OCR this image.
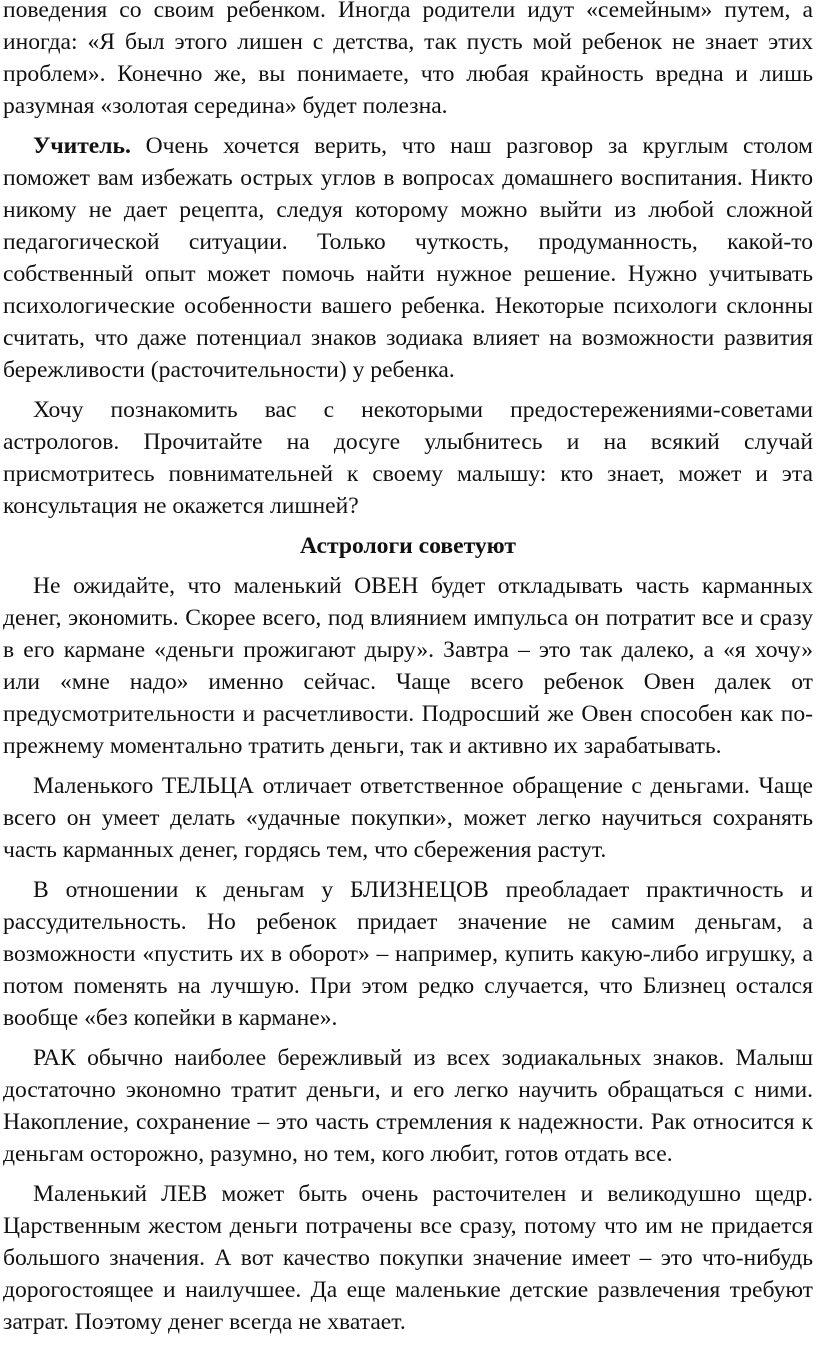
поведения со своим ребенком. Иногда родители идут «семейным» путем, а иногда: «Я был этого лишен с детства, так пусть мой ребенок не знает этих проблем». Конечно же, вы понимаете, что любая крайность вредна и лишь разумная «золотая середина» будет полезна.

Учитель. Очень хочется верить, что наш разговор за круглым столом поможет вам избежать острых углов в вопросах домашнего воспитания. Никто никому не дает рецепта, следуя которому можно выйти из любой сложной педагогической ситуации. Только чуткость, продуманность, какой-то собственный опыт может помочь найти нужное решение. Нужно учитывать психологические особенности вашего ребенка. Некоторые психологи склонны считать, что даже потенциал знаков зодиака влияет на возможности развития бережливости (расточительности) у ребенка.

Хочу познакомить вас с некоторыми предостережениями-советами астрологов. Прочитайте на досуге улыбнитесь и на всякий случай присмотритесь повнимательней к своему малышу: кто знает, может и эта консультация не окажется лишней?

Астрологи советуют

Не ожидайте, что маленький ОВЕН будет откладывать часть карманных денег, экономить. Скорее всего, под влиянием импульса он потратит все и сразу в его кармане «деньги прожигают дыру». Завтра – это так далеко, а «я хочу» или «мне надо» именно сейчас. Чаще всего ребенок Овен далек от предусмотрительности и расчетливости. Подросший же Овен способен как по-прежнему моментально тратить деньги, так и активно их зарабатывать.

Маленького ТЕЛЬЦА отличает ответственное обращение с деньгами. Чаще всего он умеет делать «удачные покупки», может легко научиться сохранять часть карманных денег, гордясь тем, что сбережения растут.

В отношении к деньгам у БЛИЗНЕЦОВ преобладает практичность и рассудительность. Но ребенок придает значение не самим деньгам, а возможности «пустить их в оборот» – например, купить какую-либо игрушку, а потом поменять на лучшую. При этом редко случается, что Близнец остался вообще «без копейки в кармане».

РАК обычно наиболее бережливый из всех зодиакальных знаков. Малыш достаточно экономно тратит деньги, и его легко научить обращаться с ними. Накопление, сохранение – это часть стремления к надежности. Рак относится к деньгам осторожно, разумно, но тем, кого любит, готов отдать все.

Маленький ЛЕВ может быть очень расточителен и великодушно щедр. Царственным жестом деньги потрачены все сразу, потому что им не придается большого значения. А вот качество покупки значение имеет – это что-нибудь дорогостоящее и наилучшее. Да еще маленькие детские развлечения требуют затрат. Поэтому денег всегда не хватает.
